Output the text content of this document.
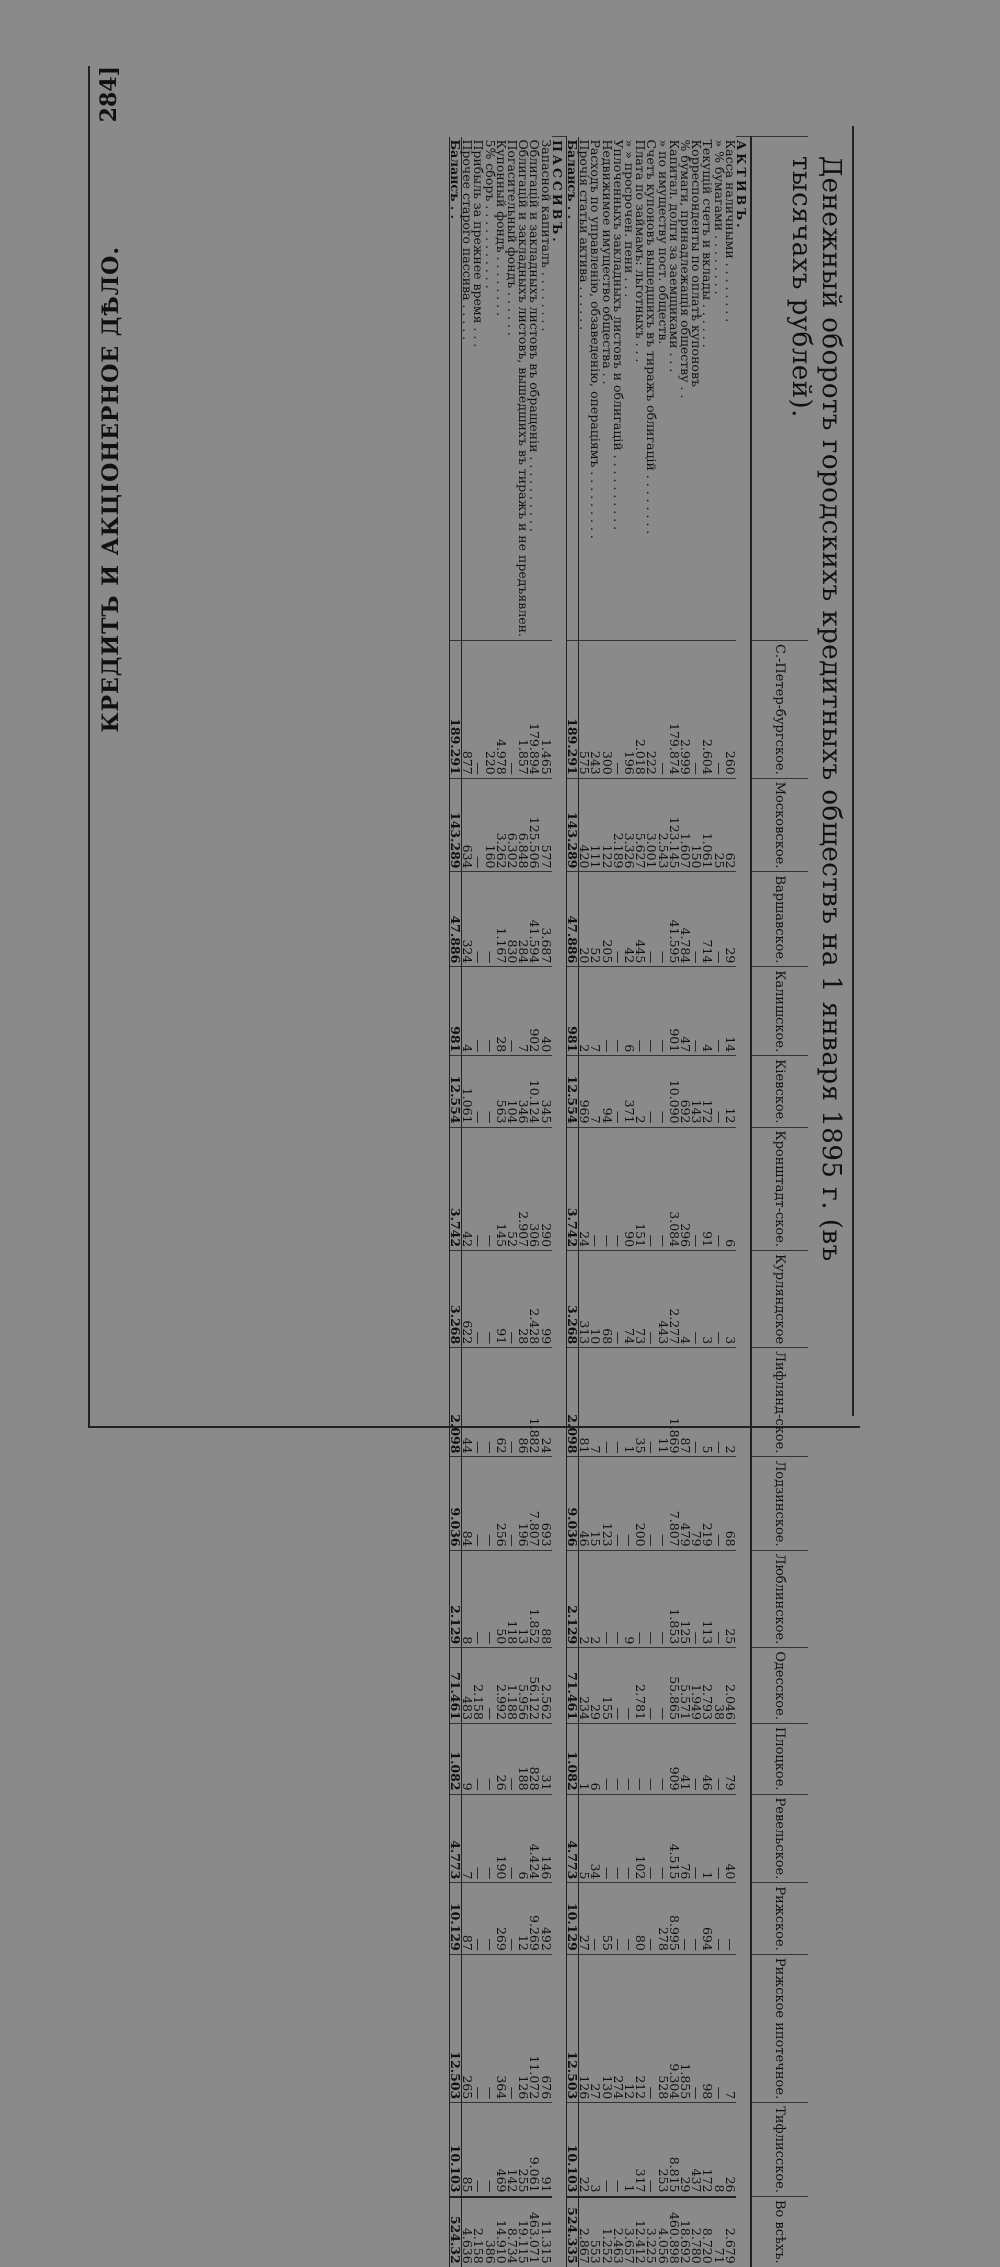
Денежный оборотъ городскихъ кредитныхъ обществъ на 1 января 1895 г. (въ тысячахъ рублей).
	С.-Петер-бургское.	Московское.	Варшавское.	Калишское.	Кіевское.	Кронштадт-ское.	Курляндское	Лифлянд-ское.	Лодзинское.	Люблинское.	Одесское.	Плоцкое.	Ревельское.	Рижское.	Рижское ипотечное.	Тифлисское.	Во всѣхъ.
АКТИВЪ.																	
Касса наличными . . . . . . . .	260	62	29	14	12	6	3	2	68	25	2.046	79	40	—	7	26	2.679
» % бумагами . . . . . . . .	—	25	—	—	—	—	—	—	—	—	38	—	—	—	—	8	71
Текущій счетъ и вклады . . . . . .	2.604	1.061	714	4	172	91	3	5	219	113	2.793	46	1	694	98	172	8.720
Корреспонденты по оплатѣ купоновъ	—	150	—	—	143	—	—	—	79	—	1.949	—	—	—	—	437	2.780
% бумаги, принадлежащія обществу . .	2.999	1.607	4.784	47	692	296	4	87	479	125	5.571	41	76	—	1.855	29	18.692
Капитал. долги за заемщиками . . .	179.874	123.145	41.595	901	10.090	3.084	2.277	1.869	7.807	1.853	55.865	909	4.515	8.995	9.304	8.815	460.898
» по имуществу пост. обществ.	—	2.543	—	—	—	—	443	11	—	—	—	—	—	278	528	253	4.056
Счетъ купоновъ вышедшихъ въ тиражъ облигацій . . . . . . . .	222	3.001	—	—	—	—	—	—	—	—	—	—	—	—	—	—	3.225
Плата по займамъ: льготныхъ . . .	2.018	5.627	445	—	2	151	73	35	200	—	2.781	—	102	80	212	317	12.412
» » просрочен. пени . . .	196	3.326	42	6	371	90	74	1	—	9	—	—	—	—	12	1	3.657
Уплоченныхъ закладныхъ листовъ и облигацій . . . . . . . . . .	—	2.189	—	—	—	—	—	—	—	—	—	—	—	—	274	—	2.463
Недвижимое имущество общества . .	300	122	205	—	94	—	68	—	123	—	155	—	—	55	130	—	1.252
Расходъ по управленію, обзаведенію, операціямъ . . . . . . . . .	243	111	52	7	7	—	10	7	15	2	29	6	34	—	27	3	553
Прочія статьи актива . . . . . .	575	420	20	2	969	24	313	81	46	2	234	1	5	27	126	22	2.867
Балансъ . .	189.291	143.289	47.886	981	12.554	3.742	3.268	2.098	9.036	2.129	71.461	1.082	4.773	10.129	12.503	10.103	524.335
ПАССИВЪ.																	
Запасной капиталъ . . . . . . . .	1.465	577	3.687	40	345	290	99	24	693	88	2.562	31	146	492	676	91	11.315
Облигацій и закладныхъ листовъ въ обращеніи . . . . . . . . . .	179.894	125.506	41.594	902	10.124	306	2.428	1.882	7.807	1.852	56.122	828	4.424	9.269	11.072	9.061	463.071
Облигацій и закладныхъ листовъ, вышедшихъ въ тиражъ и не предъявлен.	1.857	6.848	284	7	346	2.907	28	86	196	13	5.956	188	6	12	126	255	19.115
Погасительный фондъ . . . . . .	—	6.302	830	—	104	52	—	—	—	118	1.188	—	—	—	—	142	8.734
Купонный фондъ . . . . . . . .	4.978	3.262	1.167	28	563	145	91	62	256	50	2.992	26	190	269	364	469	14.910
5% сборъ . . . . . . . . . . .	220	160	—	—	—	—	—	—	—	—	—	—	—	—	—	—	386
Прибыль за прежнее время . . .	—	—	—	—	—	—	—	—	—	—	2.158	—	—	—	—	—	2.158
Прочее старого пассива . . . . .	877	634	324	4	1.061	42	622	44	84	8	483	9	7	87	265	85	4.636
Балансъ . .	189.291	143.289	47.886	981	12.554	3.742	3.268	2.098	9.036	2.129	71.461	1.082	4.773	10.129	12.503	10.103	524.32
284]
КРЕДИТЪ И АКЦІОНЕРНОЕ ДѢЛО.
